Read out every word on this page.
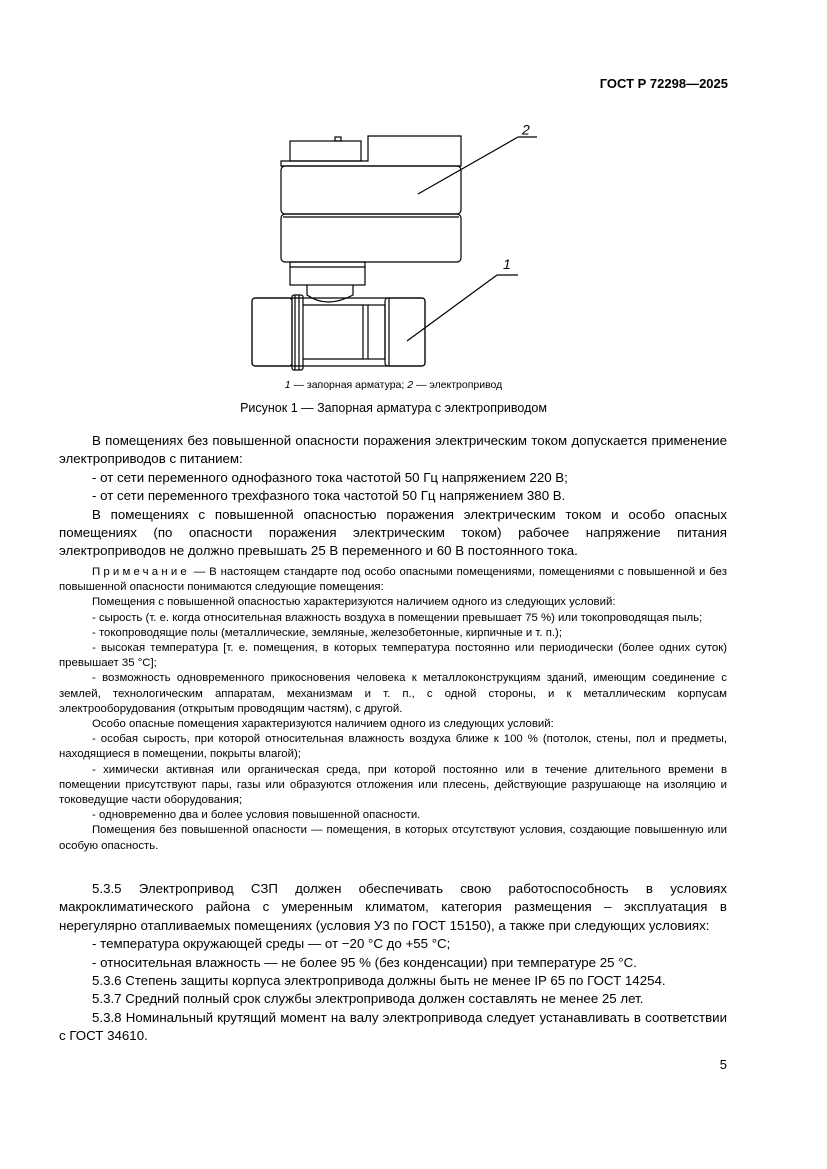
ГОСТ Р 72298—2025
2
1
1 — запорная арматура; 2 — электропривод
Рисунок 1 — Запорная арматура с электроприводом

В помещениях без повышенной опасности поражения электрическим током допускается применение электроприводов с питанием:

- от сети переменного однофазного тока частотой 50 Гц напряжением 220 В;

- от сети переменного трехфазного тока частотой 50 Гц напряжением 380 В.

В помещениях с повышенной опасностью поражения электрическим током и особо опасных помещениях (по опасности поражения электрическим током) рабочее напряжение питания электроприводов не должно превышать 25 В переменного и 60 В постоянного тока.

Примечание — В настоящем стандарте под особо опасными помещениями, помещениями с повышенной и без повышенной опасности понимаются следующие помещения:

Помещения с повышенной опасностью характеризуются наличием одного из следующих условий:

- сырость (т. е. когда относительная влажность воздуха в помещении превышает 75 %) или токопроводящая пыль;

- токопроводящие полы (металлические, земляные, железобетонные, кирпичные и т. п.);

- высокая температура [т. е. помещения, в которых температура постоянно или периодически (более одних суток) превышает 35 °С];

- возможность одновременного прикосновения человека к металлоконструкциям зданий, имеющим соединение с землей, технологическим аппаратам, механизмам и т. п., с одной стороны, и к металлическим корпусам электрооборудования (открытым проводящим частям), с другой.

Особо опасные помещения характеризуются наличием одного из следующих условий:

- особая сырость, при которой относительная влажность воздуха ближе к 100 % (потолок, стены, пол и предметы, находящиеся в помещении, покрыты влагой);

- химически активная или органическая среда, при которой постоянно или в течение длительного времени в помещении присутствуют пары, газы или образуются отложения или плесень, действующие разрушающе на изоляцию и токоведущие части оборудования;

- одновременно два и более условия повышенной опасности.

Помещения без повышенной опасности — помещения, в которых отсутствуют условия, создающие повышенную или особую опасность.

5.3.5 Электропривод СЗП должен обеспечивать свою работоспособность в условиях макроклиматического района с умеренным климатом, категория размещения – эксплуатация в нерегулярно отапливаемых помещениях (условия У3 по ГОСТ 15150), а также при следующих условиях:

- температура окружающей среды — от −20 °С до +55 °С;

- относительная влажность — не более 95 % (без конденсации) при температуре 25 °С.

5.3.6 Степень защиты корпуса электропривода должны быть не менее IP 65 по ГОСТ 14254.

5.3.7 Средний полный срок службы электропривода должен составлять не менее 25 лет.

5.3.8 Номинальный крутящий момент на валу электропривода следует устанавливать в соответствии с ГОСТ 34610.

5
